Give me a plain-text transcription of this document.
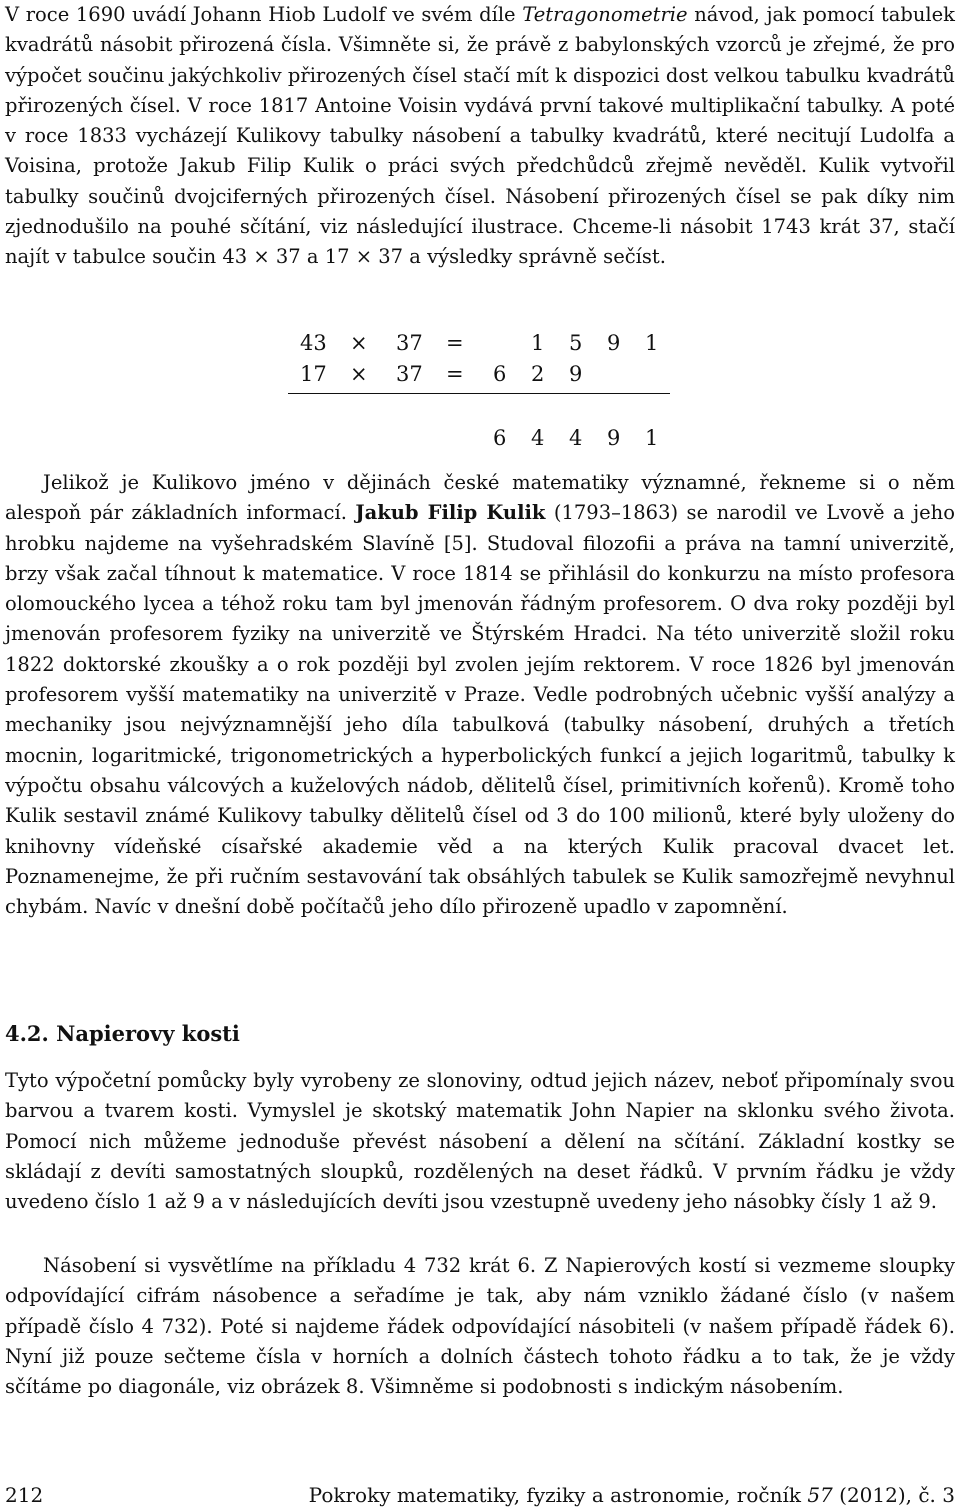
V roce 1690 uvádí Johann Hiob Ludolf ve svém díle Tetragonometrie návod, jak pomocí tabulek kvadrátů násobit přirozená čísla. Všimněte si, že právě z babylonských vzorců je zřejmé, že pro výpočet součinu jakýchkoliv přirozených čísel stačí mít k dispozici dost velkou tabulku kvadrátů přirozených čísel. V roce 1817 Antoine Voisin vydává první takové multiplikační tabulky. A poté v roce 1833 vycházejí Kulikovy tabulky násobení a tabulky kvadrátů, které necitují Ludolfa a Voisina, protože Jakub Filip Kulik o práci svých předchůdců zřejmě nevěděl. Kulik vytvořil tabulky součinů dvojciferných přirozených čísel. Násobení přirozených čísel se pak díky nim zjednodušilo na pouhé sčítání, viz následující ilustrace. Chceme-li násobit 1743 krát 37, stačí najít v tabulce součin 43 × 37 a 17 × 37 a výsledky správně sečíst.

43 × 37 =	1 5 9 1
17 × 37 = 6 2 9
6 4 4 9 1

Jelikož je Kulikovo jméno v dějinách české matematiky významné, řekneme si o něm alespoň pár základních informací. Jakub Filip Kulik (1793–1863) se narodil ve Lvově a jeho hrobku najdeme na vyšehradském Slavíně [5]. Studoval filozofii a práva na tamní univerzitě, brzy však začal tíhnout k matematice. V roce 1814 se přihlásil do konkurzu na místo profesora olomouckého lycea a téhož roku tam byl jmenován řádným profesorem. O dva roky později byl jmenován profesorem fyziky na univerzitě ve Štýrském Hradci. Na této univerzitě složil roku 1822 doktorské zkoušky a o rok později byl zvolen jejím rektorem. V roce 1826 byl jmenován profesorem vyšší matematiky na univerzitě v Praze. Vedle podrobných učebnic vyšší analýzy a mechaniky jsou nejvýznamnější jeho díla tabulková (tabulky násobení, druhých a třetích mocnin, logaritmické, trigonometrických a hyperbolických funkcí a jejich logaritmů, tabulky k výpočtu obsahu válcových a kuželových nádob, dělitelů čísel, primitivních kořenů). Kromě toho Kulik sestavil známé Kulikovy tabulky dělitelů čísel od 3 do 100 milionů, které byly uloženy do knihovny vídeňské císařské akademie věd a na kterých Kulik pracoval dvacet let. Poznamenejme, že při ručním sestavování tak obsáhlých tabulek se Kulik samozřejmě nevyhnul chybám. Navíc v dnešní době počítačů jeho dílo přirozeně upadlo v zapomnění.

4.2. Napierovy kosti

Tyto výpočetní pomůcky byly vyrobeny ze slonoviny, odtud jejich název, neboť připomínaly svou barvou a tvarem kosti. Vymyslel je skotský matematik John Napier na sklonku svého života. Pomocí nich můžeme jednoduše převést násobení a dělení na sčítání. Základní kostky se skládají z devíti samostatných sloupků, rozdělených na deset řádků. V prvním řádku je vždy uvedeno číslo 1 až 9 a v následujících devíti jsou vzestupně uvedeny jeho násobky čísly 1 až 9.

Násobení si vysvětlíme na příkladu 4 732 krát 6. Z Napierových kostí si vezmeme sloupky odpovídající cifrám násobence a seřadíme je tak, aby nám vzniklo žádané číslo (v našem případě číslo 4 732). Poté si najdeme řádek odpovídající násobiteli (v našem případě řádek 6). Nyní již pouze sečteme čísla v horních a dolních částech tohoto řádku a to tak, že je vždy sčítáme po diagonále, viz obrázek 8. Všimněme si podobnosti s indickým násobením.

212	Pokroky matematiky, fyziky a astronomie, ročník 57 (2012), č. 3
